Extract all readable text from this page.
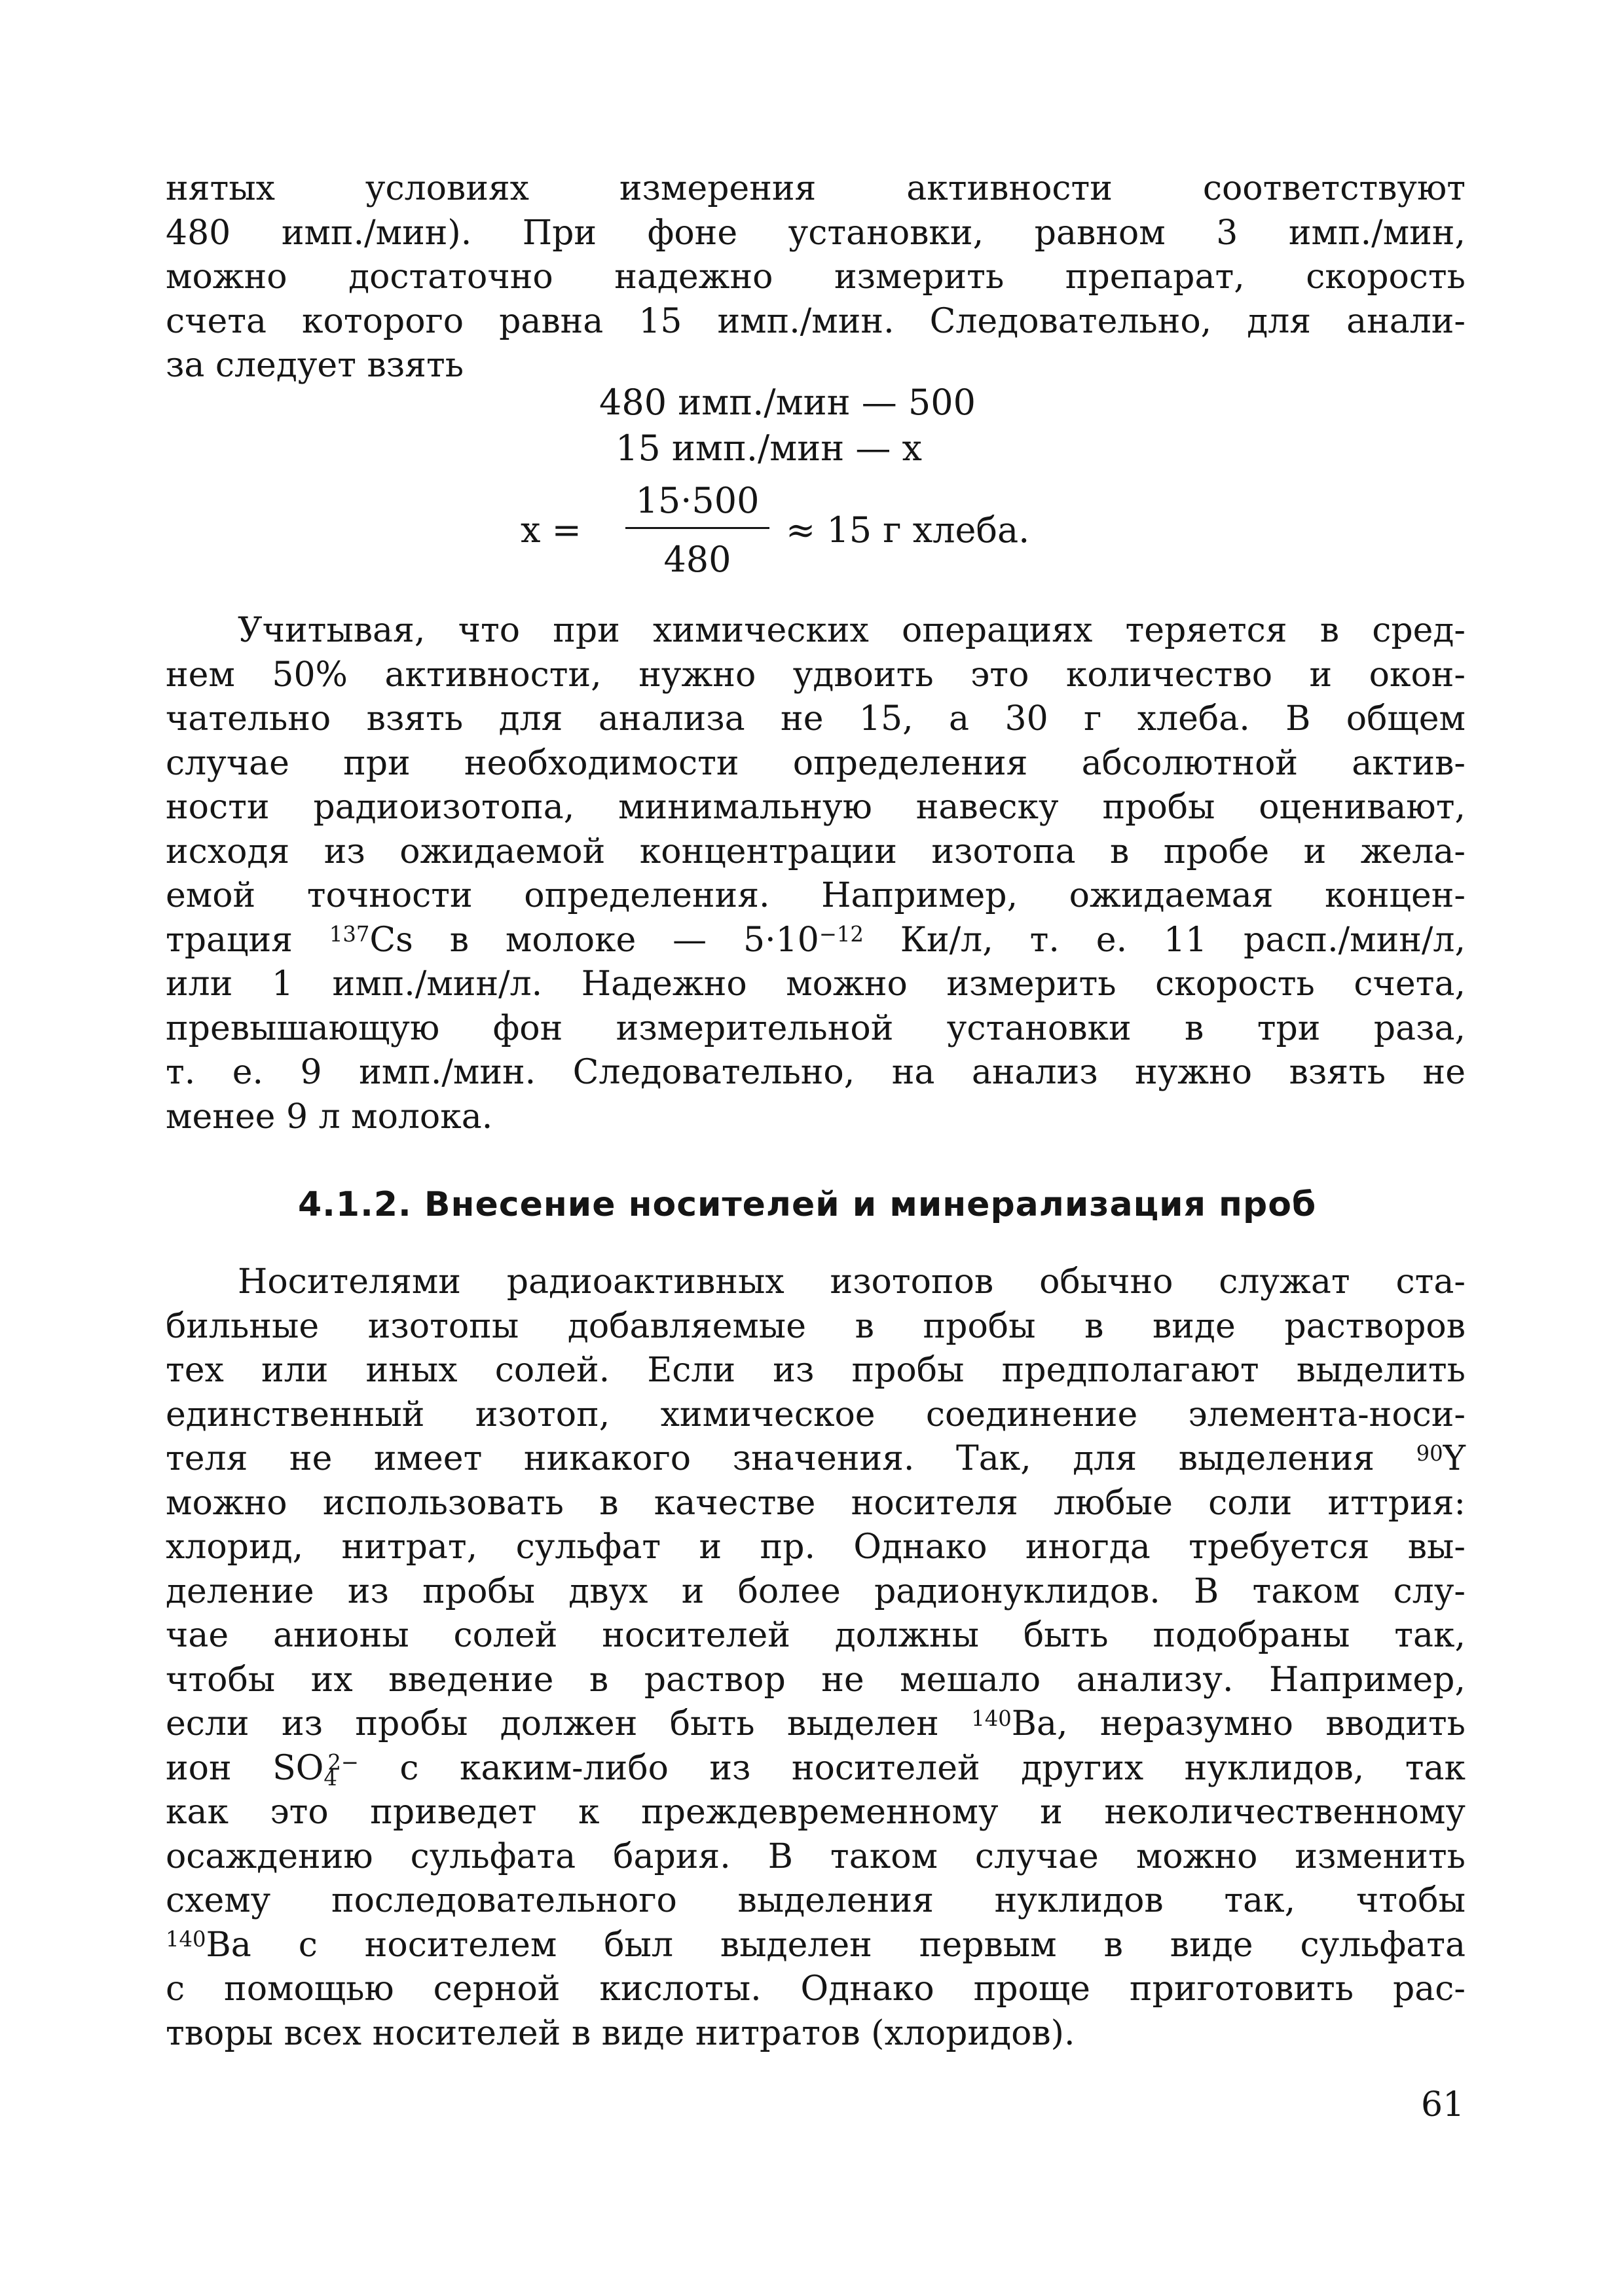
нятых условиях измерения активности соответствуют
480 имп./мин). При фоне установки, равном 3 имп./мин,
можно достаточно надежно измерить препарат, скорость
счета которого равна 15 имп./мин. Следовательно, для анали-
за следует взять
480 имп./мин — 500
15 имп./мин — x
x =
15·500
480
≈ 15 г хлеба.
Учитывая, что при химических операциях теряется в сред-
нем 50% активности, нужно удвоить это количество и окон-
чательно взять для анализа не 15, а 30 г хлеба. В общем
случае при необходимости определения абсолютной актив-
ности радиоизотопа, минимальную навеску пробы оценивают,
исходя из ожидаемой концентрации изотопа в пробе и жела-
емой точности определения. Например, ожидаемая концен-
трация $^{137}$Cs в молоке — $5\cdot 10^{-12}$ Ки/л, т. е. 11 расп./мин/л,
или 1 имп./мин/л. Надежно можно измерить скорость счета,
превышающую фон измерительной установки в три раза,
т. е. 9 имп./мин. Следовательно, на анализ нужно взять не
менее 9 л молока.
4.1.2. Внесение носителей и минерализация проб
Носителями радиоактивных изотопов обычно служат ста-
бильные изотопы добавляемые в пробы в виде растворов
тех или иных солей. Если из пробы предполагают выделить
единственный изотоп, химическое соединение элемента-носи-
теля не имеет никакого значения. Так, для выделения $^{90}$Y
можно использовать в качестве носителя любые соли иттрия:
хлорид, нитрат, сульфат и пр. Однако иногда требуется вы-
деление из пробы двух и более радионуклидов. В таком слу-
чае анионы солей носителей должны быть подобраны так,
чтобы их введение в раствор не мешало анализу. Например,
если из пробы должен быть выделен $^{140}$Ba, неразумно вводить
ион $SO_4^{2-}$ с каким-либо из носителей других нуклидов, так
как это приведет к преждевременному и неколичественному
осаждению сульфата бария. В таком случае можно изменить
схему последовательного выделения нуклидов так, чтобы
$^{140}$Ba с носителем был выделен первым в виде сульфата
с помощью серной кислоты. Однако проще приготовить рас-
творы всех носителей в виде нитратов (хлоридов).
61
